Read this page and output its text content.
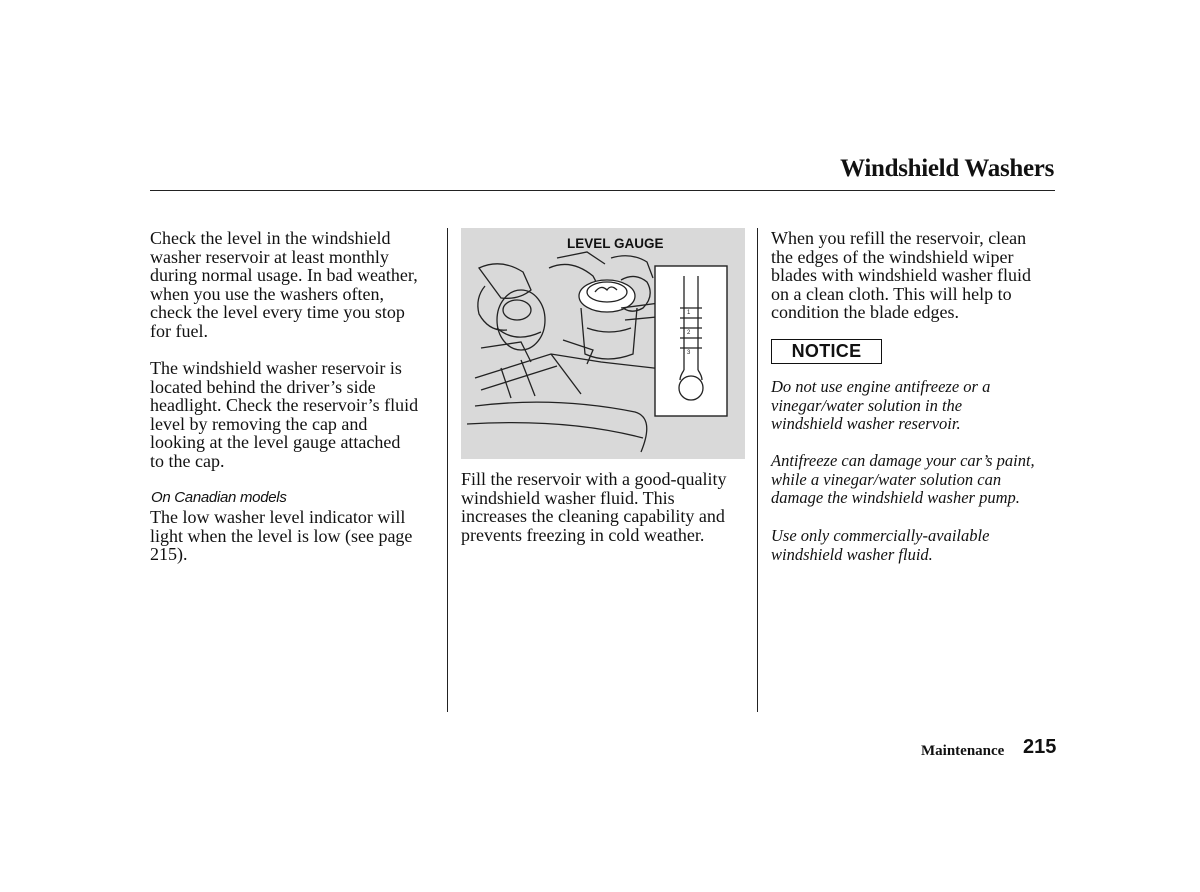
Windshield Washers
Check the level in the windshield
washer reservoir at least monthly
during normal usage. In bad weather,
when you use the washers often,
check the level every time you stop
for fuel.
The windshield washer reservoir is
located behind the driver’s side
headlight. Check the reservoir’s fluid
level by removing the cap and
looking at the level gauge attached
to the cap.
On Canadian models
The low washer level indicator will
light when the level is low (see page
215).
LEVEL GAUGE
1
2
3
Fill the reservoir with a good-quality
windshield washer fluid. This
increases the cleaning capability and
prevents freezing in cold weather.
When you refill the reservoir, clean
the edges of the windshield wiper
blades with windshield washer fluid
on a clean cloth. This will help to
condition the blade edges.
NOTICE
Do not use engine antifreeze or a
vinegar/water solution in the
windshield washer reservoir.
Antifreeze can damage your car’s paint,
while a vinegar/water solution can
damage the windshield washer pump.
Use only commercially-available
windshield washer fluid.
Maintenance 215
